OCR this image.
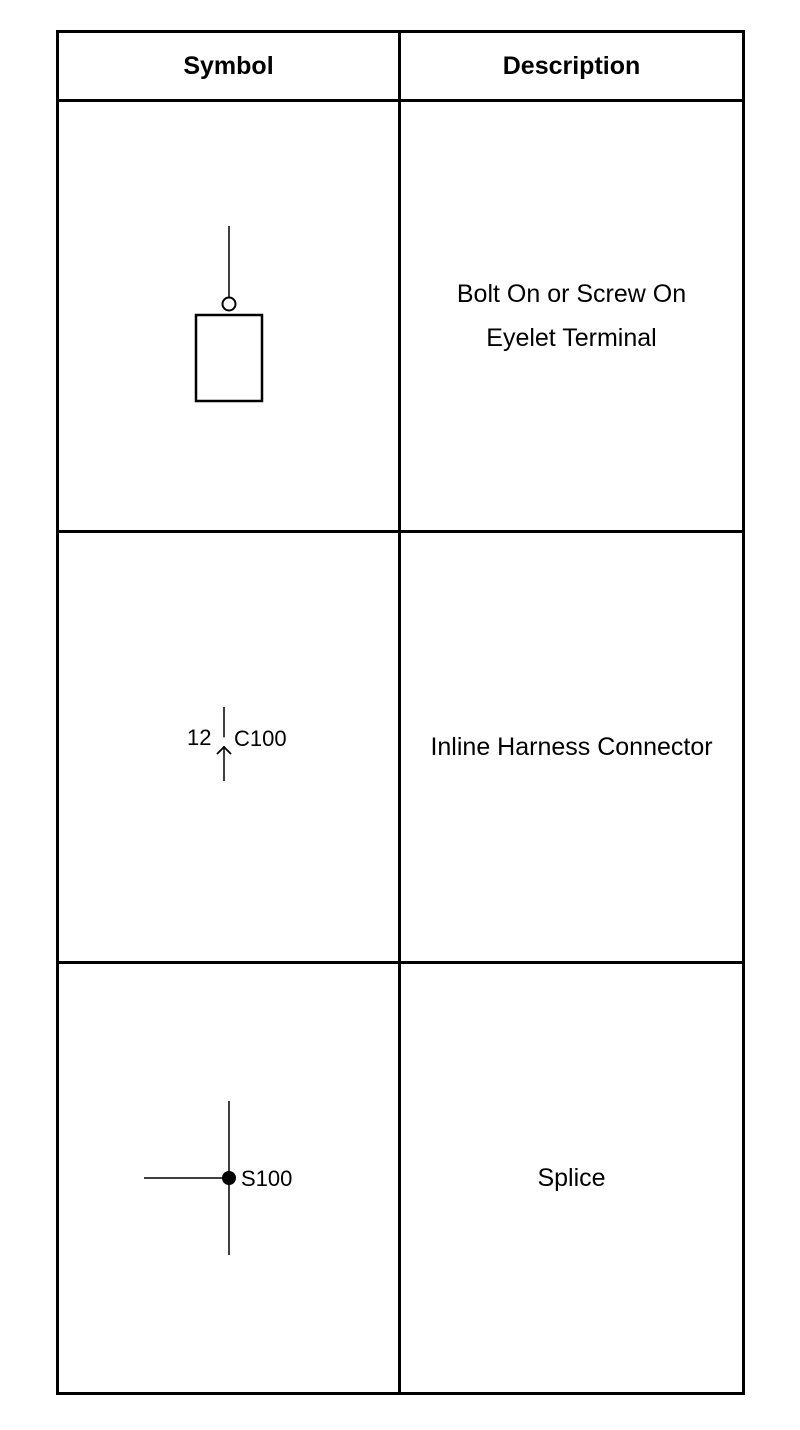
Symbol	Description

	Bolt On or Screw On Eyelet Terminal

12 C100	Inline Harness Connector

S100	Splice
